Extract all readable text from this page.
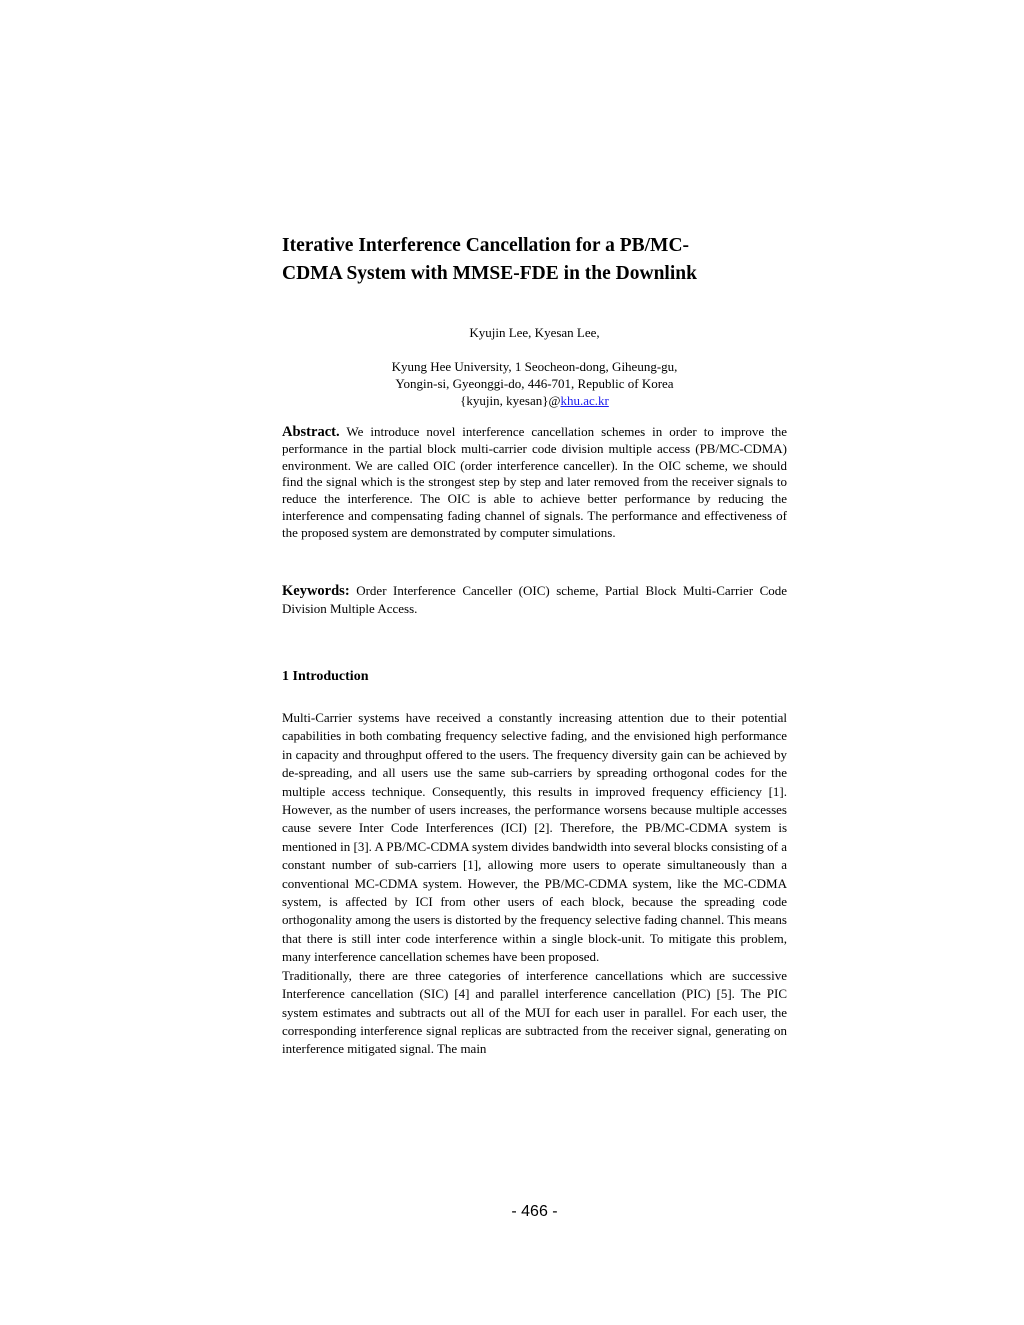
Iterative Interference Cancellation for a PB/MC-
CDMA System with MMSE-FDE in the Downlink
Kyujin Lee, Kyesan Lee,
Kyung Hee University, 1 Seocheon-dong, Giheung-gu,
Yongin-si, Gyeonggi-do, 446-701, Republic of Korea
{kyujin, kyesan}@khu.ac.kr

Abstract. We introduce novel interference cancellation schemes in order to improve the performance in the partial block multi-carrier code division multiple access (PB/MC-CDMA) environment. We are called OIC (order interference canceller). In the OIC scheme, we should find the signal which is the strongest step by step and later removed from the receiver signals to reduce the interference. The OIC is able to achieve better performance by reducing the interference and compensating fading channel of signals. The performance and effectiveness of the proposed system are demonstrated by computer simulations.

Keywords: Order Interference Canceller (OIC) scheme, Partial Block Multi-Carrier Code Division Multiple Access.

1 Introduction

Multi-Carrier systems have received a constantly increasing attention due to their potential capabilities in both combating frequency selective fading, and the envisioned high performance in capacity and throughput offered to the users. The frequency diversity gain can be achieved by de-spreading, and all users use the same sub-carriers by spreading orthogonal codes for the multiple access technique. Consequently, this results in improved frequency efficiency [1]. However, as the number of users increases, the performance worsens because multiple accesses cause severe Inter Code Interferences (ICI) [2]. Therefore, the PB/MC-CDMA system is mentioned in [3]. A PB/MC-CDMA system divides bandwidth into several blocks consisting of a constant number of sub-carriers [1], allowing more users to operate simultaneously than a conventional MC-CDMA system. However, the PB/MC-CDMA system, like the MC-CDMA system, is affected by ICI from other users of each block, because the spreading code orthogonality among the users is distorted by the frequency selective fading channel. This means that there is still inter code interference within a single block-unit. To mitigate this problem, many interference cancellation schemes have been proposed.

Traditionally, there are three categories of interference cancellations which are successive Interference cancellation (SIC) [4] and parallel interference cancellation (PIC) [5]. The PIC system estimates and subtracts out all of the MUI for each user in parallel. For each user, the corresponding interference signal replicas are subtracted from the receiver signal, generating on interference mitigated signal. The main

- 466 -
